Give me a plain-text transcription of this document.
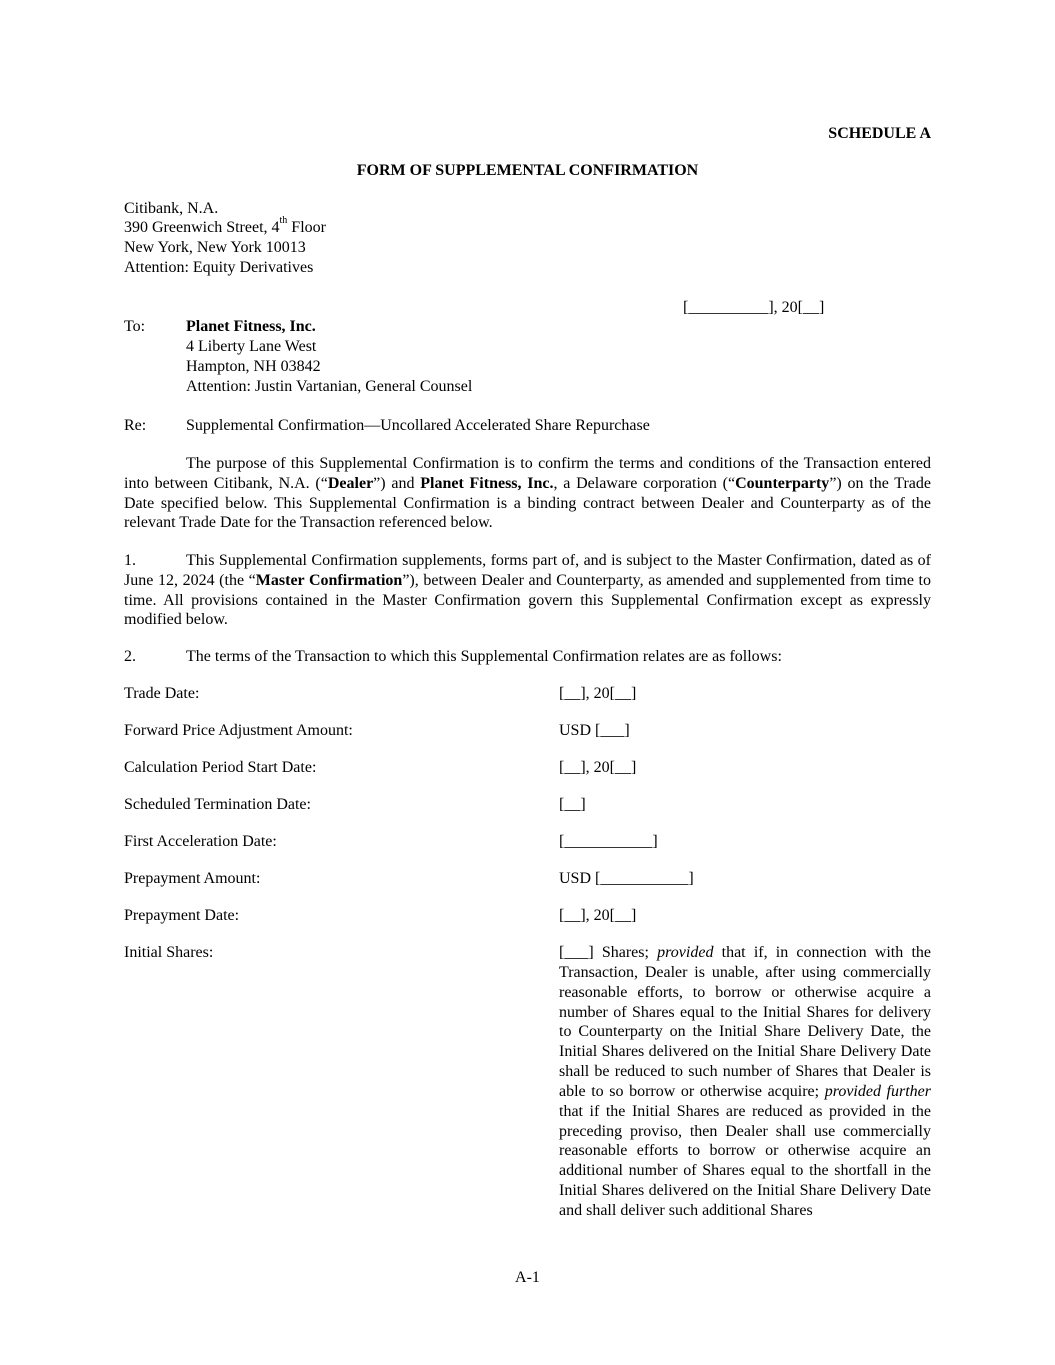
SCHEDULE A
FORM OF SUPPLEMENTAL CONFIRMATION
Citibank, N.A.
390 Greenwich Street, 4th Floor
New York, New York 10013
Attention: Equity Derivatives
[__________], 20[__]
To:	Planet Fitness, Inc.
4 Liberty Lane West
Hampton, NH 03842
Attention: Justin Vartanian, General Counsel
Re: Supplemental Confirmation—Uncollared Accelerated Share Repurchase
The purpose of this Supplemental Confirmation is to confirm the terms and conditions of the Transaction entered into between Citibank, N.A. (“Dealer”) and Planet Fitness, Inc., a Delaware corporation (“Counterparty”) on the Trade Date specified below. This Supplemental Confirmation is a binding contract between Dealer and Counterparty as of the relevant Trade Date for the Transaction referenced below.
1.	This Supplemental Confirmation supplements, forms part of, and is subject to the Master Confirmation, dated as of June 12, 2024 (the “Master Confirmation”), between Dealer and Counterparty, as amended and supplemented from time to time. All provisions contained in the Master Confirmation govern this Supplemental Confirmation except as expressly modified below.
2.	The terms of the Transaction to which this Supplemental Confirmation relates are as follows:
Trade Date:	[__], 20[__]
Forward Price Adjustment Amount:	USD [___]
Calculation Period Start Date:	[__], 20[__]
Scheduled Termination Date:	[__]
First Acceleration Date:	[___________]
Prepayment Amount:	USD [___________]
Prepayment Date:	[__], 20[__]
Initial Shares:	[___] Shares; provided that if, in connection with the Transaction, Dealer is unable, after using commercially reasonable efforts, to borrow or otherwise acquire a number of Shares equal to the Initial Shares for delivery to Counterparty on the Initial Share Delivery Date, the Initial Shares delivered on the Initial Share Delivery Date shall be reduced to such number of Shares that Dealer is able to so borrow or otherwise acquire; provided further that if the Initial Shares are reduced as provided in the preceding proviso, then Dealer shall use commercially reasonable efforts to borrow or otherwise acquire an additional number of Shares equal to the shortfall in the Initial Shares delivered on the Initial Share Delivery Date and shall deliver such additional Shares
A-1
